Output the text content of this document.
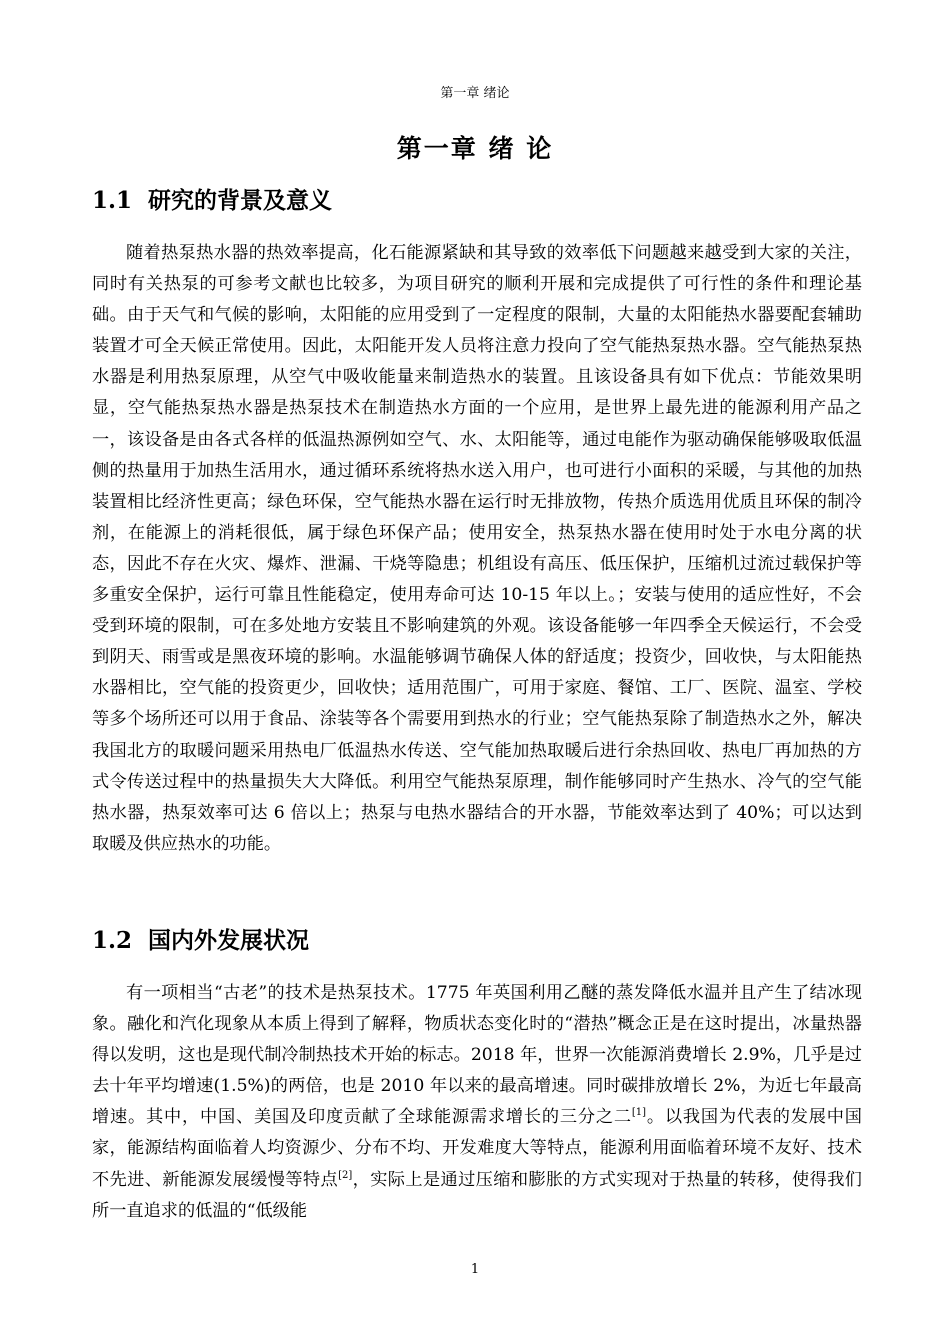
第一章 绪论
第一章 绪 论
1.1 研究的背景及意义

随着热泵热水器的热效率提高，化石能源紧缺和其导致的效率低下问题越来越受到大家的关注，同时有关热泵的可参考文献也比较多，为项目研究的顺利开展和完成提供了可行性的条件和理论基础。由于天气和气候的影响，太阳能的应用受到了一定程度的限制，大量的太阳能热水器要配套辅助装置才可全天候正常使用。因此，太阳能开发人员将注意力投向了空气能热泵热水器。空气能热泵热水器是利用热泵原理，从空气中吸收能量来制造热水的装置。且该设备具有如下优点：节能效果明显，空气能热泵热水器是热泵技术在制造热水方面的一个应用，是世界上最先进的能源利用产品之一，该设备是由各式各样的低温热源例如空气、水、太阳能等，通过电能作为驱动确保能够吸取低温侧的热量用于加热生活用水，通过循环系统将热水送入用户，也可进行小面积的采暖，与其他的加热装置相比经济性更高；绿色环保，空气能热水器在运行时无排放物，传热介质选用优质且环保的制冷剂，在能源上的消耗很低，属于绿色环保产品；使用安全，热泵热水器在使用时处于水电分离的状态，因此不存在火灾、爆炸、泄漏、干烧等隐患；机组设有高压、低压保护，压缩机过流过载保护等多重安全保护，运行可靠且性能稳定，使用寿命可达 10-15 年以上。；安装与使用的适应性好，不会受到环境的限制，可在多处地方安装且不影响建筑的外观。该设备能够一年四季全天候运行，不会受到阴天、雨雪或是黑夜环境的影响。水温能够调节确保人体的舒适度；投资少，回收快，与太阳能热水器相比，空气能的投资更少，回收快；适用范围广，可用于家庭、餐馆、工厂、医院、温室、学校等多个场所还可以用于食品、涂装等各个需要用到热水的行业；空气能热泵除了制造热水之外，解决我国北方的取暖问题采用热电厂低温热水传送、空气能加热取暖后进行余热回收、热电厂再加热的方式令传送过程中的热量损失大大降低。利用空气能热泵原理，制作能够同时产生热水、冷气的空气能热水器，热泵效率可达 6 倍以上；热泵与电热水器结合的开水器，节能效率达到了 40%；可以达到取暖及供应热水的功能。

1.2 国内外发展状况

有一项相当“古老”的技术是热泵技术。1775 年英国利用乙醚的蒸发降低水温并且产生了结冰现象。融化和汽化现象从本质上得到了解释，物质状态变化时的“潜热”概念正是在这时提出，冰量热器得以发明，这也是现代制冷制热技术开始的标志。2018 年，世界一次能源消费增长 2.9%，几乎是过去十年平均增速(1.5%)的两倍，也是 2010 年以来的最高增速。同时碳排放增长 2%，为近七年最高增速。其中，中国、美国及印度贡献了全球能源需求增长的三分之二[1]。以我国为代表的发展中国家，能源结构面临着人均资源少、分布不均、开发难度大等特点，能源利用面临着环境不友好、技术不先进、新能源发展缓慢等特点[2]，实际上是通过压缩和膨胀的方式实现对于热量的转移，使得我们所一直追求的低温的“低级能

1
